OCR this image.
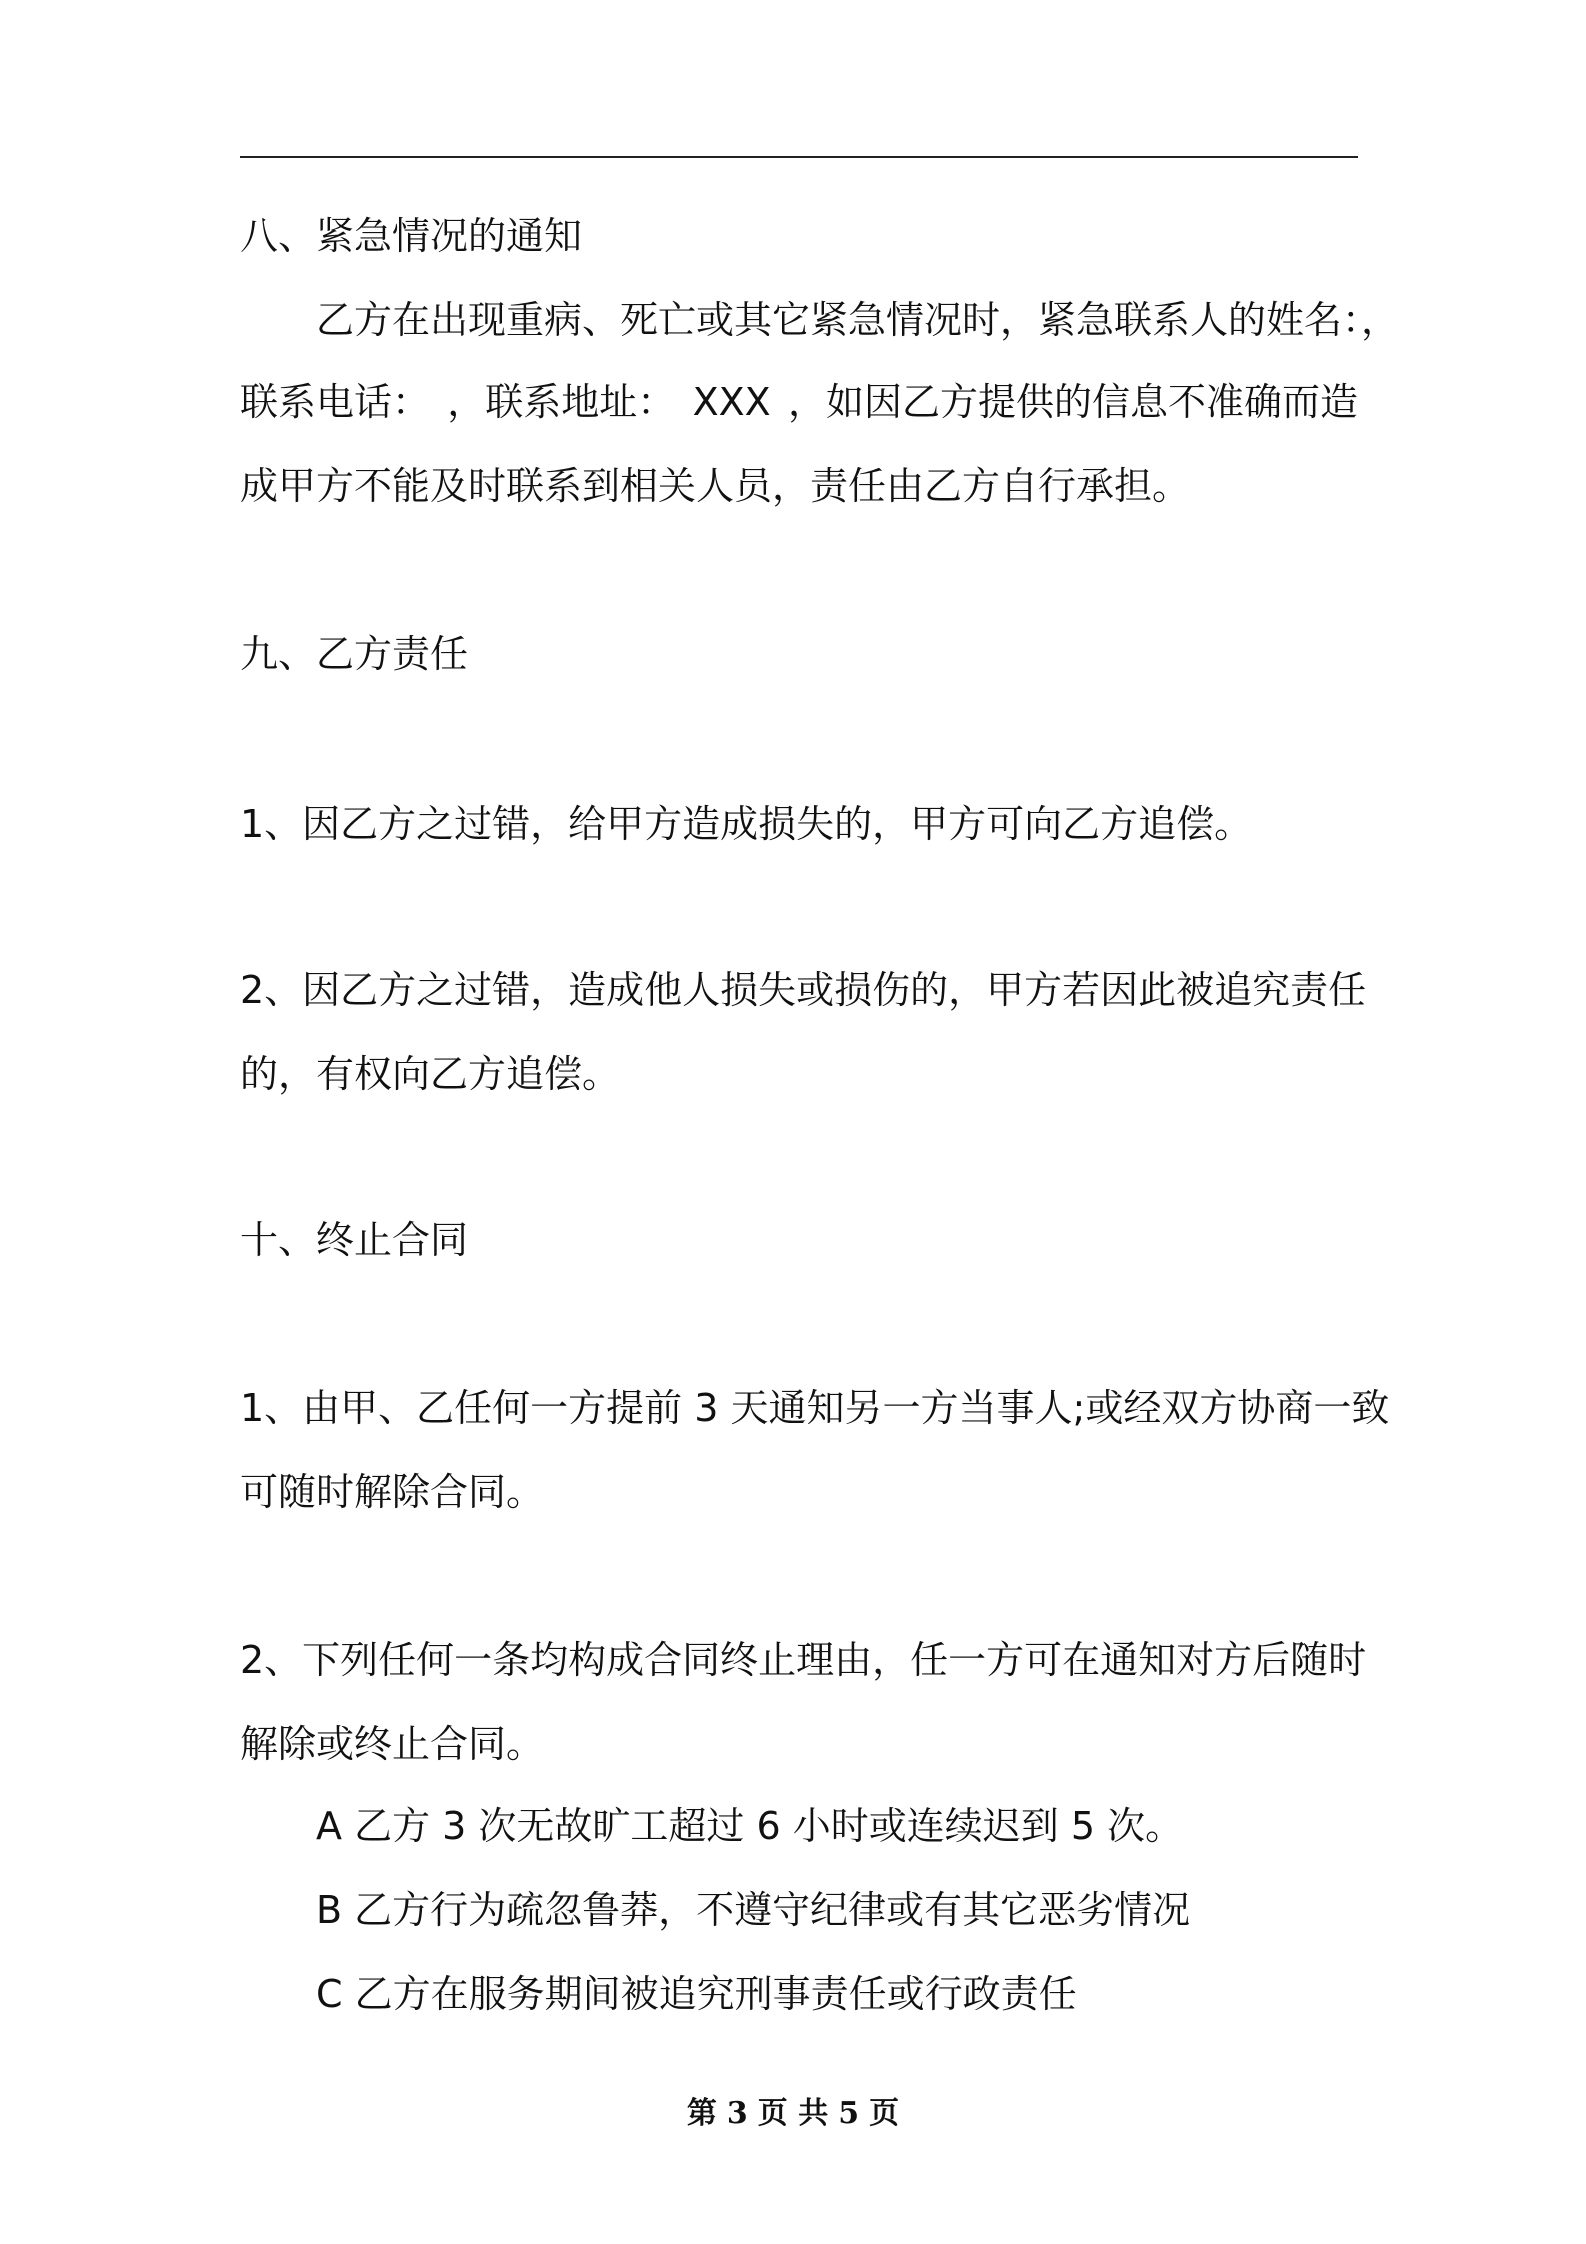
八、紧急情况的通知

乙方在出现重病、死亡或其它紧急情况时，紧急联系人的姓名：，

联系电话： ，联系地址： XXX ，如因乙方提供的信息不准确而造

成甲方不能及时联系到相关人员，责任由乙方自行承担。

九、乙方责任

1、因乙方之过错，给甲方造成损失的，甲方可向乙方追偿。

2、因乙方之过错，造成他人损失或损伤的，甲方若因此被追究责任

的，有权向乙方追偿。

十、终止合同

1、由甲、乙任何一方提前 3 天通知另一方当事人;或经双方协商一致

可随时解除合同。

2、下列任何一条均构成合同终止理由，任一方可在通知对方后随时

解除或终止合同。

A 乙方 3 次无故旷工超过 6 小时或连续迟到 5 次。

B 乙方行为疏忽鲁莽，不遵守纪律或有其它恶劣情况

C 乙方在服务期间被追究刑事责任或行政责任

第 3 页 共 5 页
